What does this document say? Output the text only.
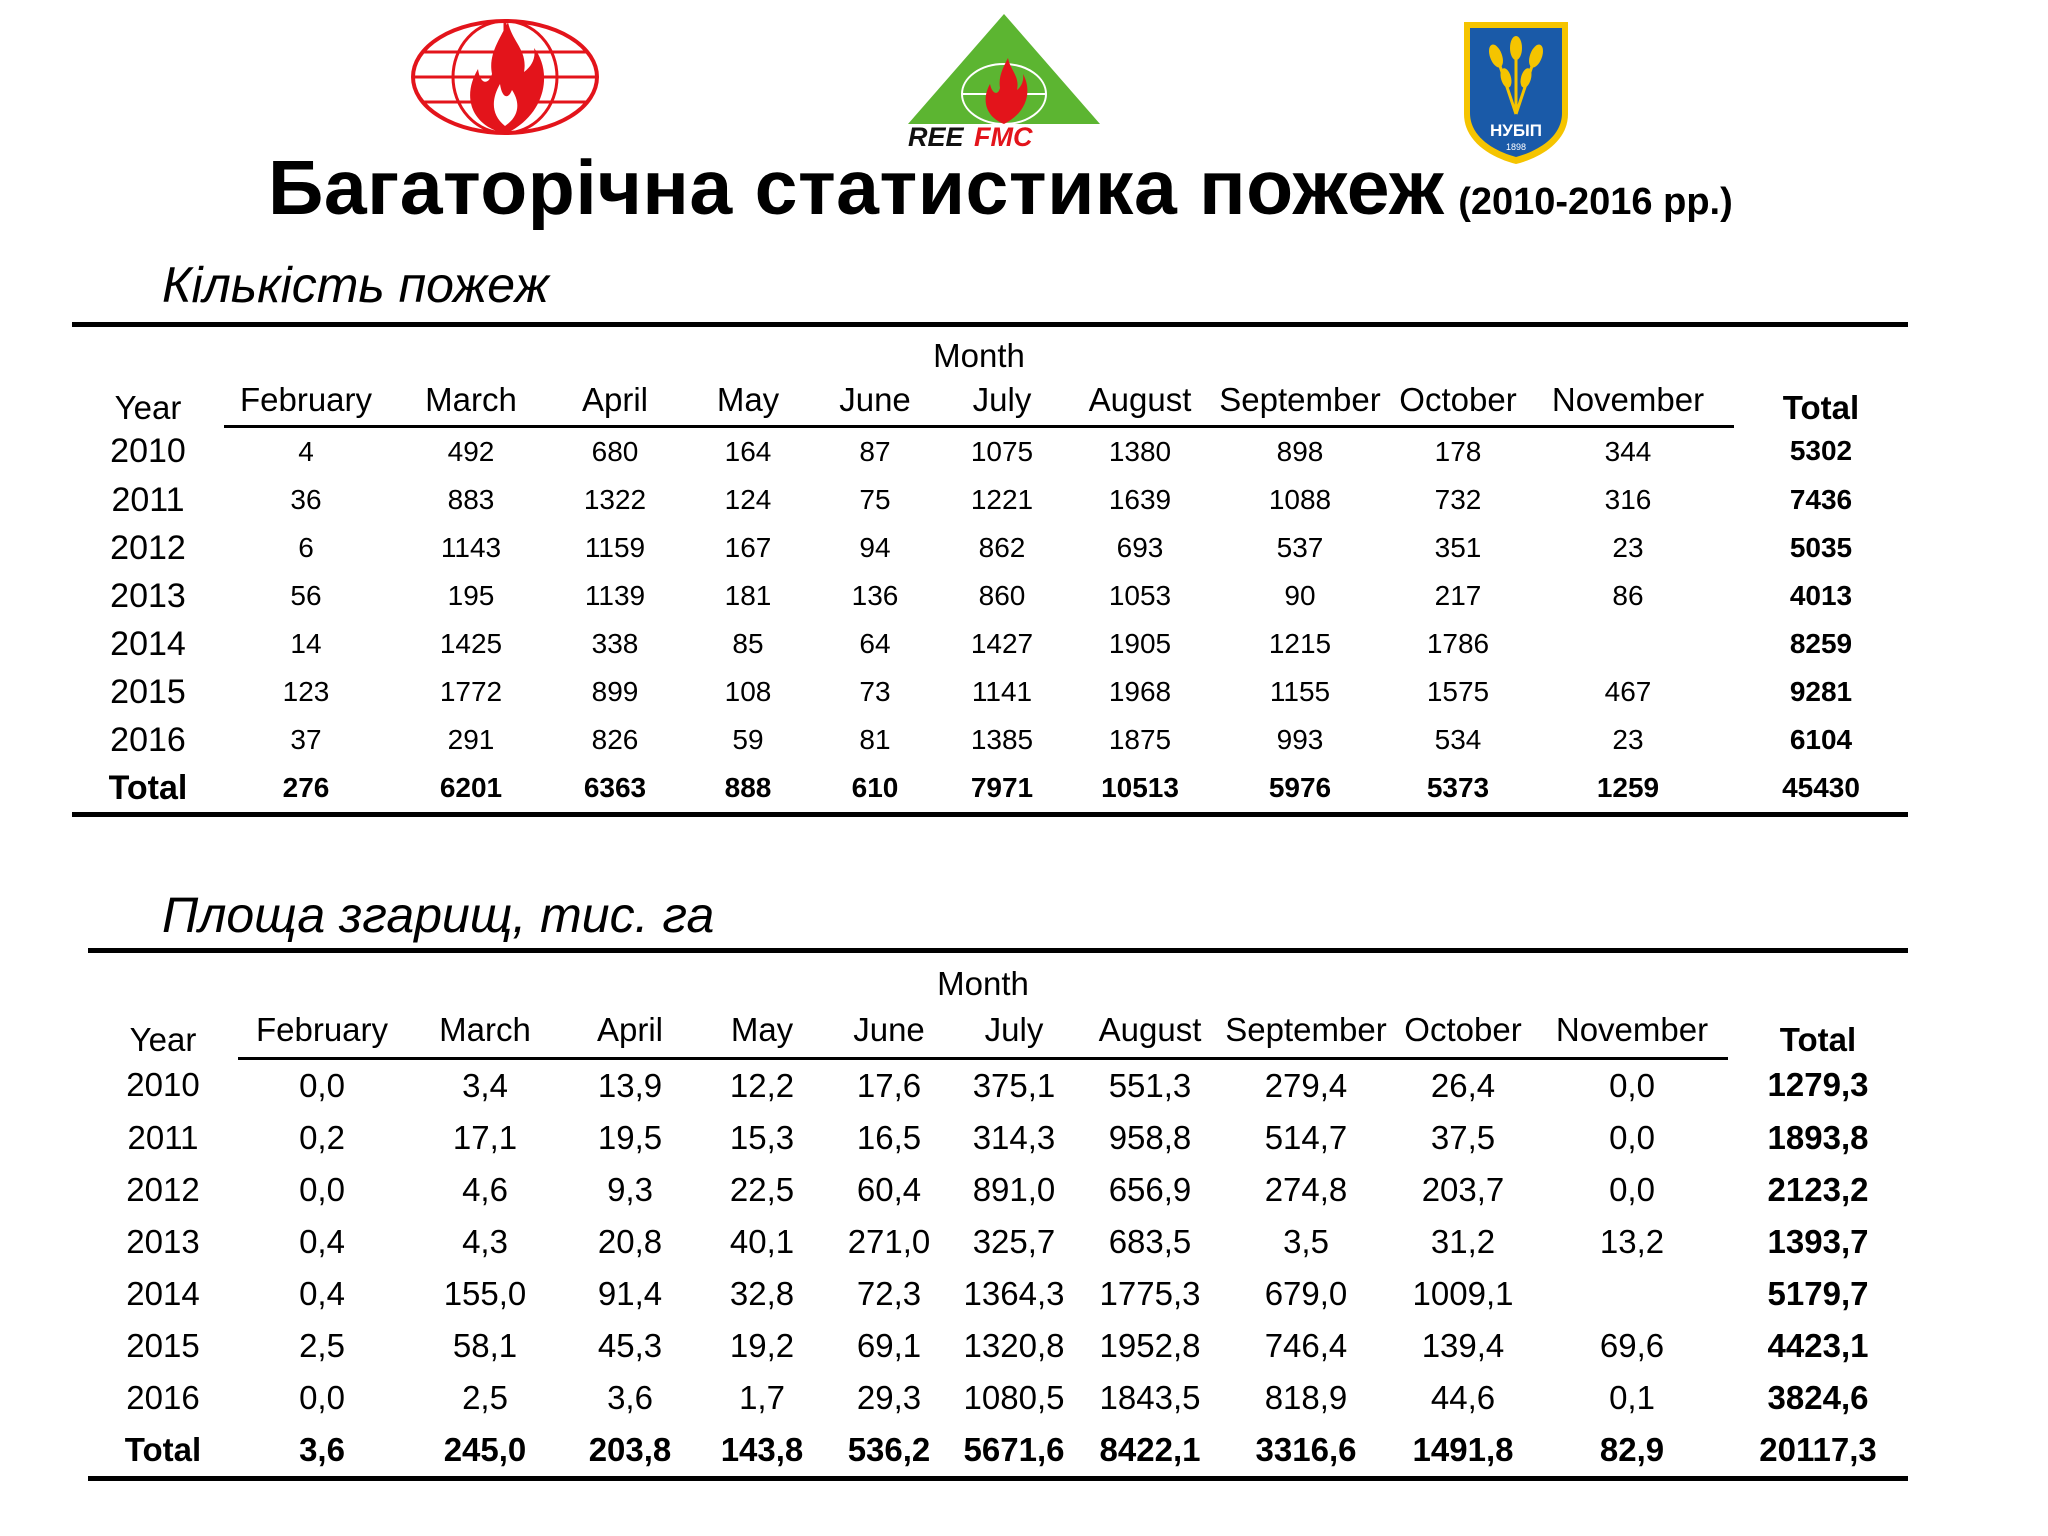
REE FMC	НУБІП
1898
Багаторічна статистика пожеж (2010-2016 рр.)
Кількість пожеж
Year	Month										Total
	February	March	April	May	June	July	August	September	October	November	
2010	4	492	680	164	87	1075	1380	898	178	344	5302
2011	36	883	1322	124	75	1221	1639	1088	732	316	7436
2012	6	1143	1159	167	94	862	693	537	351	23	5035
2013	56	195	1139	181	136	860	1053	90	217	86	4013
2014	14	1425	338	85	64	1427	1905	1215	1786		8259
2015	123	1772	899	108	73	1141	1968	1155	1575	467	9281
2016	37	291	826	59	81	1385	1875	993	534	23	6104
Total	276	6201	6363	888	610	7971	10513	5976	5373	1259	45430
Площа згарищ, тис. га
Year	Month										Total
	February	March	April	May	June	July	August	September	October	November	
2010	0,0	3,4	13,9	12,2	17,6	375,1	551,3	279,4	26,4	0,0	1279,3
2011	0,2	17,1	19,5	15,3	16,5	314,3	958,8	514,7	37,5	0,0	1893,8
2012	0,0	4,6	9,3	22,5	60,4	891,0	656,9	274,8	203,7	0,0	2123,2
2013	0,4	4,3	20,8	40,1	271,0	325,7	683,5	3,5	31,2	13,2	1393,7
2014	0,4	155,0	91,4	32,8	72,3	1364,3	1775,3	679,0	1009,1		5179,7
2015	2,5	58,1	45,3	19,2	69,1	1320,8	1952,8	746,4	139,4	69,6	4423,1
2016	0,0	2,5	3,6	1,7	29,3	1080,5	1843,5	818,9	44,6	0,1	3824,6
Total	3,6	245,0	203,8	143,8	536,2	5671,6	8422,1	3316,6	1491,8	82,9	20117,3
